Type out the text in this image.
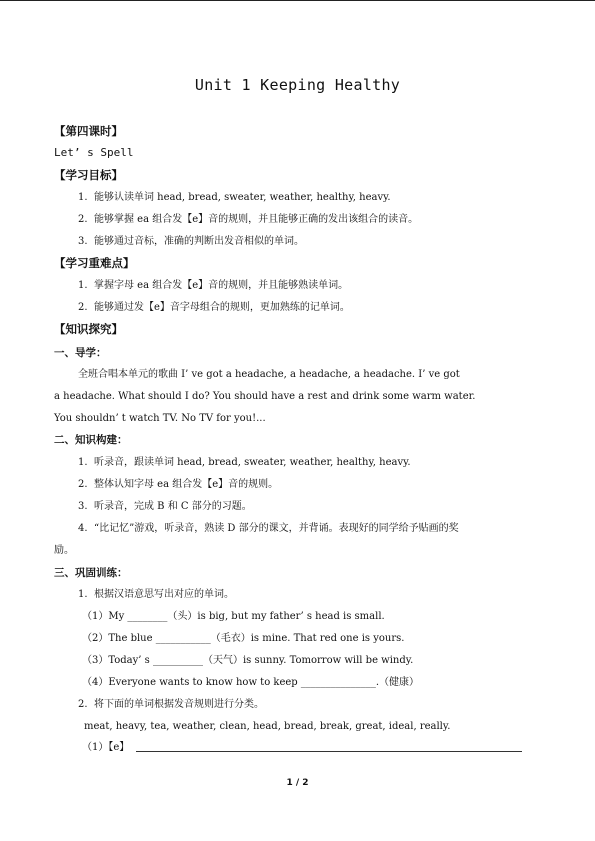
Unit 1 Keeping Healthy
【第四课时】
Let’ s Spell
【学习目标】
1. 能够认读单词 head, bread, sweater, weather, healthy, heavy.
2. 能够掌握 ea 组合发【e】音的规则，并且能够正确的发出该组合的读音。
3. 能够通过音标，准确的判断出发音相似的单词。
【学习重难点】
1. 掌握字母 ea 组合发【e】音的规则，并且能够熟读单词。
2. 能够通过发【e】音字母组合的规则，更加熟练的记单词。
【知识探究】
一、导学：
全班合唱本单元的歌曲 I’ ve got a headache, a headache, a headache. I’ ve got
a headache. What should I do? You should have a rest and drink some warm water.
You shouldn’ t watch TV. No TV for you!...
二、知识构建：
1. 听录音，跟读单词 head, bread, sweater, weather, healthy, heavy.
2. 整体认知字母 ea 组合发【e】音的规则。
3. 听录音，完成 B 和 C 部分的习题。
4. “比记忆”游戏，听录音，熟读 D 部分的课文，并背诵。表现好的同学给予贴画的奖
励。
三、巩固训练：
1. 根据汉语意思写出对应的单词。
（1）My ________（头）is big, but my father’ s head is small.
（2）The blue ___________（毛衣）is mine. That red one is yours.
（3）Today’ s __________（天气）is sunny. Tomorrow will be windy.
（4）Everyone wants to know how to keep _______________.（健康）
2. 将下面的单词根据发音规则进行分类。
meat, heavy, tea, weather, clean, head, bread, break, great, ideal, really.
（1）【e】
1 / 2
